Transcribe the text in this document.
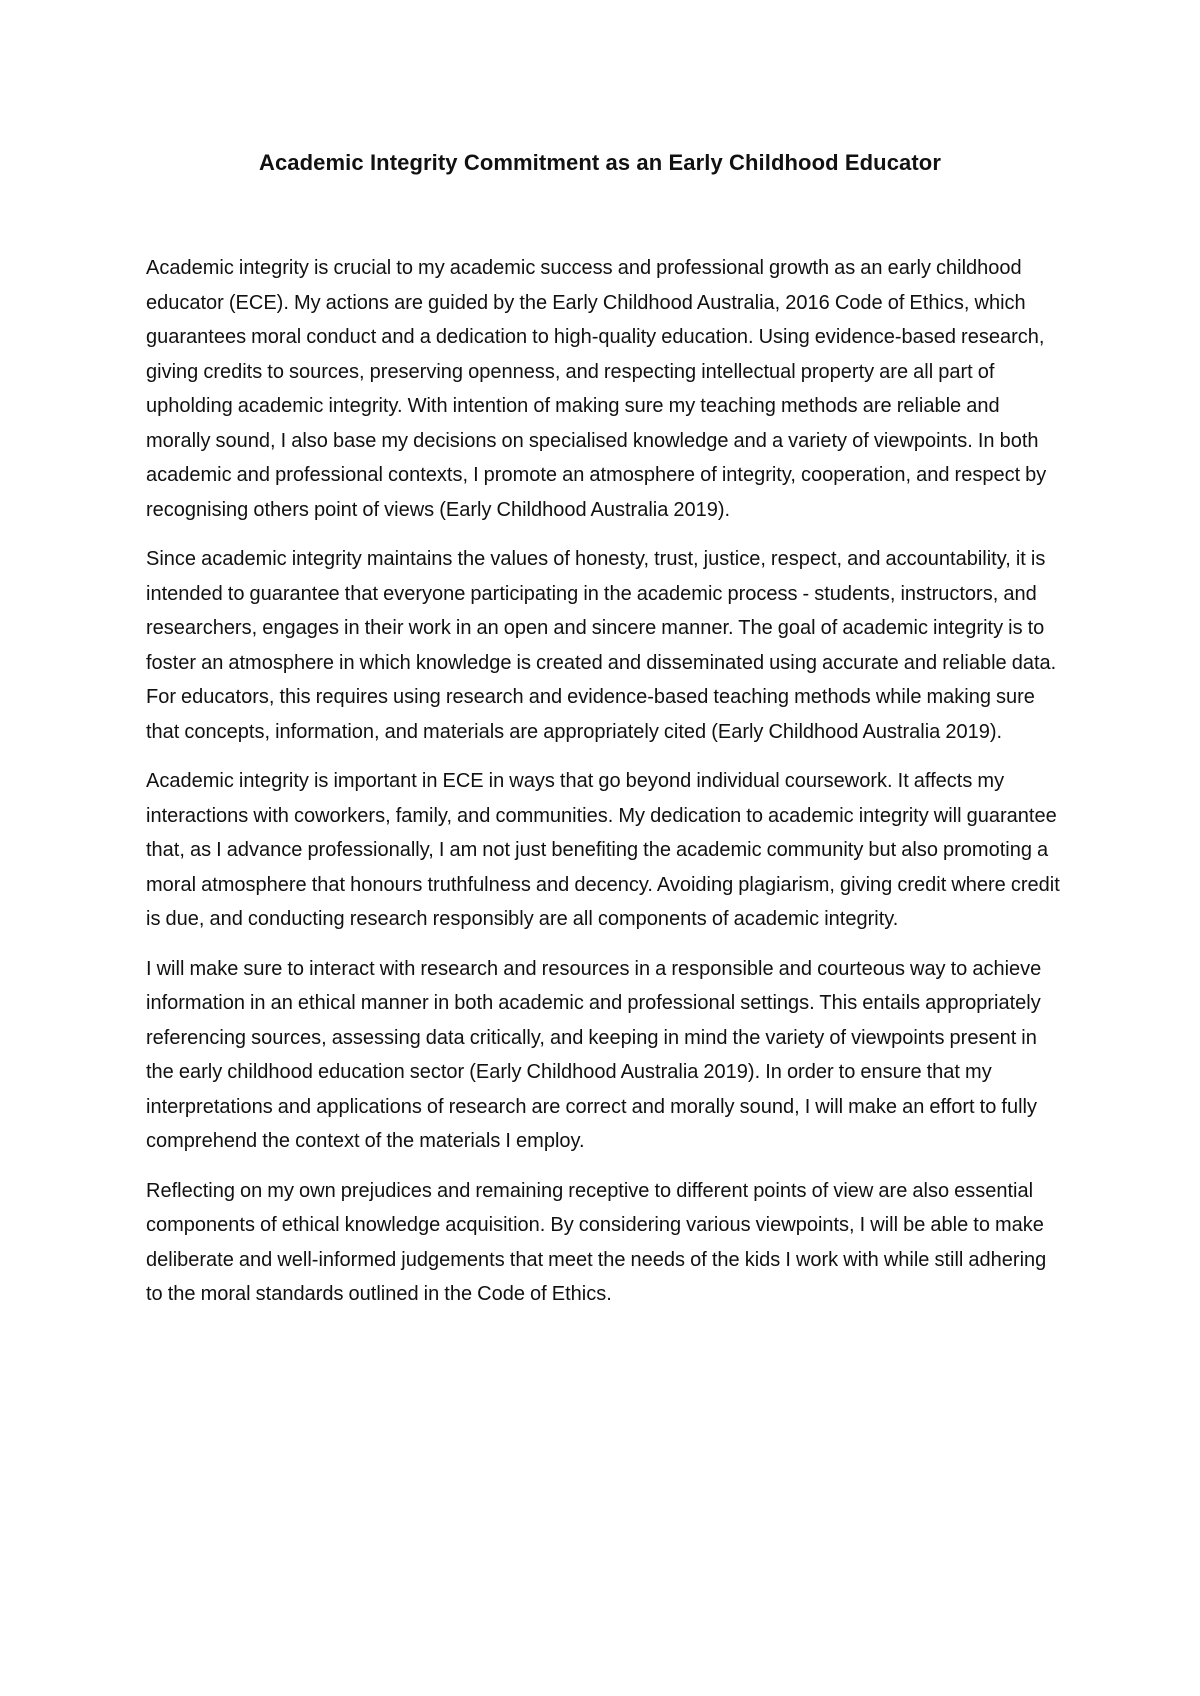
Academic Integrity Commitment as an Early Childhood Educator

Academic integrity is crucial to my academic success and professional growth as an early childhood educator (ECE). My actions are guided by the Early Childhood Australia, 2016 Code of Ethics, which guarantees moral conduct and a dedication to high-quality education. Using evidence-based research, giving credits to sources, preserving openness, and respecting intellectual property are all part of upholding academic integrity. With intention of making sure my teaching methods are reliable and morally sound, I also base my decisions on specialised knowledge and a variety of viewpoints. In both academic and professional contexts, I promote an atmosphere of integrity, cooperation, and respect by recognising others point of views (Early Childhood Australia 2019).

Since academic integrity maintains the values of honesty, trust, justice, respect, and accountability, it is intended to guarantee that everyone participating in the academic process - students, instructors, and researchers, engages in their work in an open and sincere manner. The goal of academic integrity is to foster an atmosphere in which knowledge is created and disseminated using accurate and reliable data. For educators, this requires using research and evidence-based teaching methods while making sure that concepts, information, and materials are appropriately cited (Early Childhood Australia 2019).

Academic integrity is important in ECE in ways that go beyond individual coursework. It affects my interactions with coworkers, family, and communities. My dedication to academic integrity will guarantee that, as I advance professionally, I am not just benefiting the academic community but also promoting a moral atmosphere that honours truthfulness and decency. Avoiding plagiarism, giving credit where credit is due, and conducting research responsibly are all components of academic integrity.

I will make sure to interact with research and resources in a responsible and courteous way to achieve information in an ethical manner in both academic and professional settings. This entails appropriately referencing sources, assessing data critically, and keeping in mind the variety of viewpoints present in the early childhood education sector (Early Childhood Australia 2019). In order to ensure that my interpretations and applications of research are correct and morally sound, I will make an effort to fully comprehend the context of the materials I employ.

Reflecting on my own prejudices and remaining receptive to different points of view are also essential components of ethical knowledge acquisition. By considering various viewpoints, I will be able to make deliberate and well-informed judgements that meet the needs of the kids I work with while still adhering to the moral standards outlined in the Code of Ethics.
